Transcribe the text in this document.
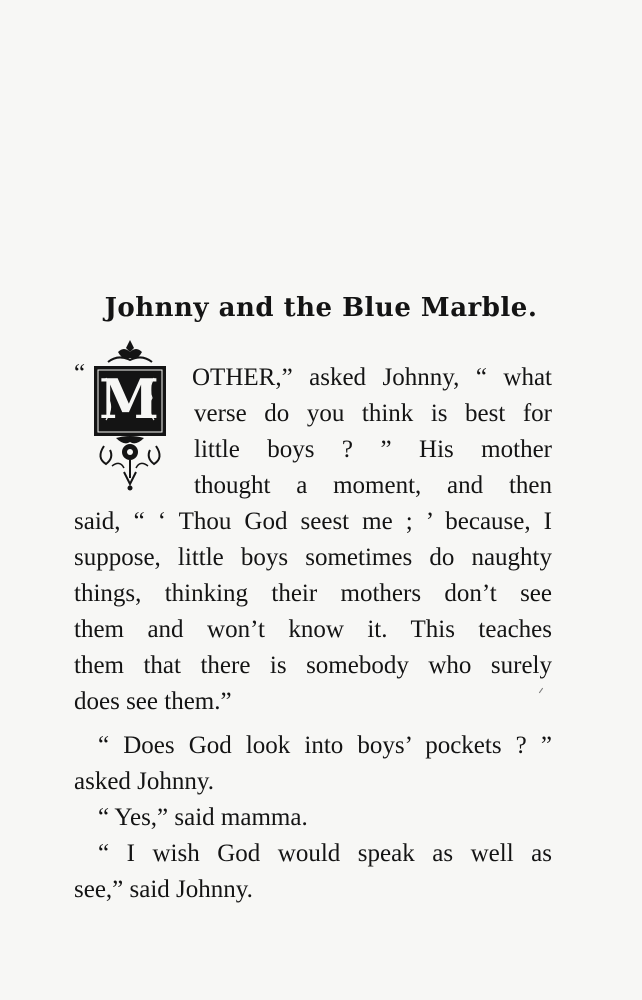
Johnny and the Blue Marble.
“ M OTHER,” asked Johnny, “ what
verse do you think is best for
little boys ? ” His mother
thought a moment, and then
said, “ ‘ Thou God seest me ; ’ because, I
suppose, little boys sometimes do naughty
things, thinking their mothers don’t see
them and won’t know it. This teaches
them that there is somebody who surely
does see them.”
“ Does God look into boys’ pockets ? ”
asked Johnny.
“ Yes,” said mamma.
“ I wish God would speak as well as
see,” said Johnny.
